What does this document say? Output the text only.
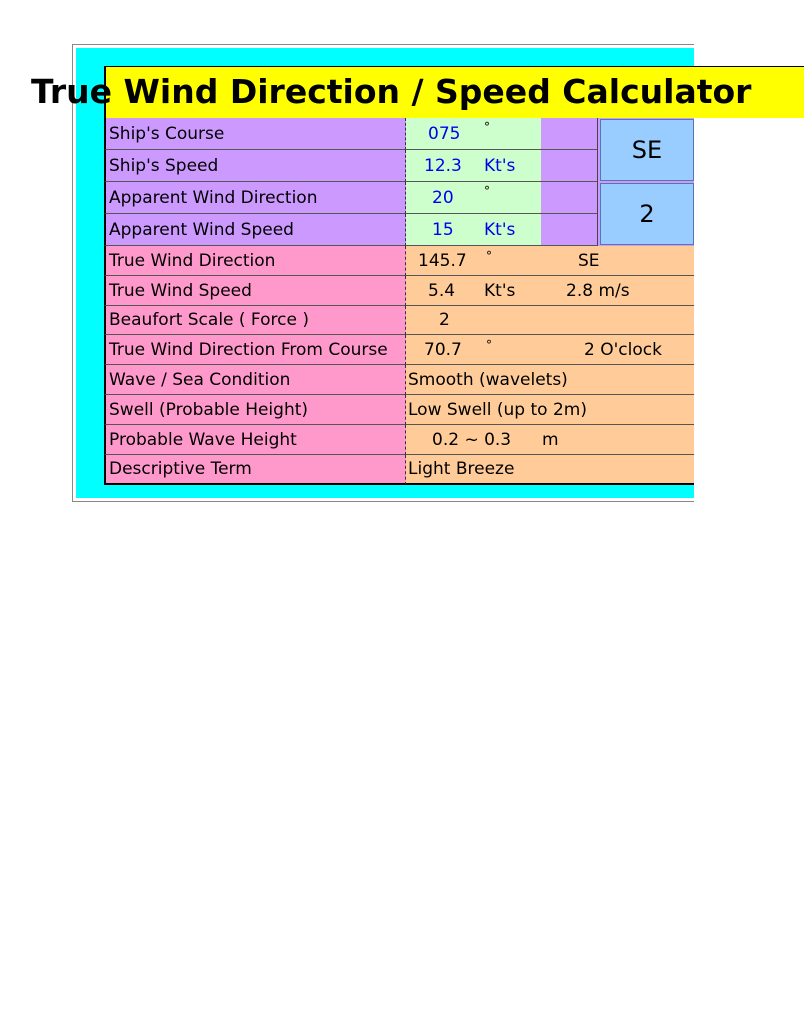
True Wind Direction / Speed Calculator
Ship's Course	075 °
Ship's Speed	12.3 Kt's
Apparent Wind Direction	20	°
Apparent Wind Speed	15 Kt's
SE
2
True Wind Direction	145.7 °	SE
True Wind Speed	5.4 Kt's	2.8 m/s
Beaufort Scale ( Force )	2
True Wind Direction From Course	70.7 °	2 O'clock
Wave / Sea Condition	Smooth (wavelets)
Swell (Probable Height)	Low Swell (up to 2m)
Probable Wave Height	0.2 ~ 0.3 m
Descriptive Term	Light Breeze
